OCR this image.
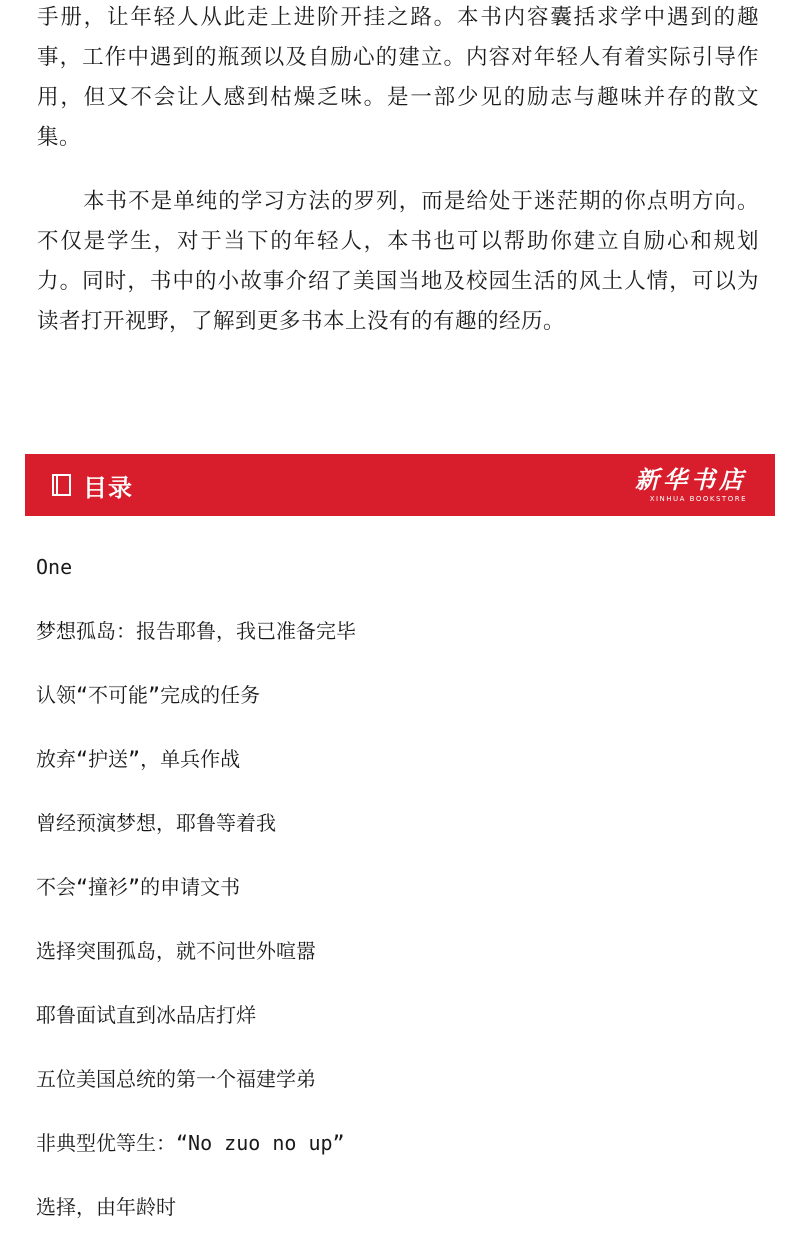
手册，让年轻人从此走上进阶开挂之路。本书内容囊括求学中遇到的趣事，工作中遇到的瓶颈以及自励心的建立。内容对年轻人有着实际引导作用，但又不会让人感到枯燥乏味。是一部少见的励志与趣味并存的散文集。

本书不是单纯的学习方法的罗列，而是给处于迷茫期的你点明方向。不仅是学生，对于当下的年轻人，本书也可以帮助你建立自励心和规划力。同时，书中的小故事介绍了美国当地及校园生活的风土人情，可以为读者打开视野，了解到更多书本上没有的有趣的经历。

目录	新华书店
XINHUA BOOKSTORE
One
梦想孤岛：报告耶鲁，我已准备完毕
认领“不可能”完成的任务
放弃“护送”，单兵作战
曾经预演梦想，耶鲁等着我
不会“撞衫”的申请文书
选择突围孤岛，就不问世外喧嚣
耶鲁面试直到冰品店打烊
五位美国总统的第一个福建学弟
非典型优等生：“No zuo no up”
选择，由年龄时
